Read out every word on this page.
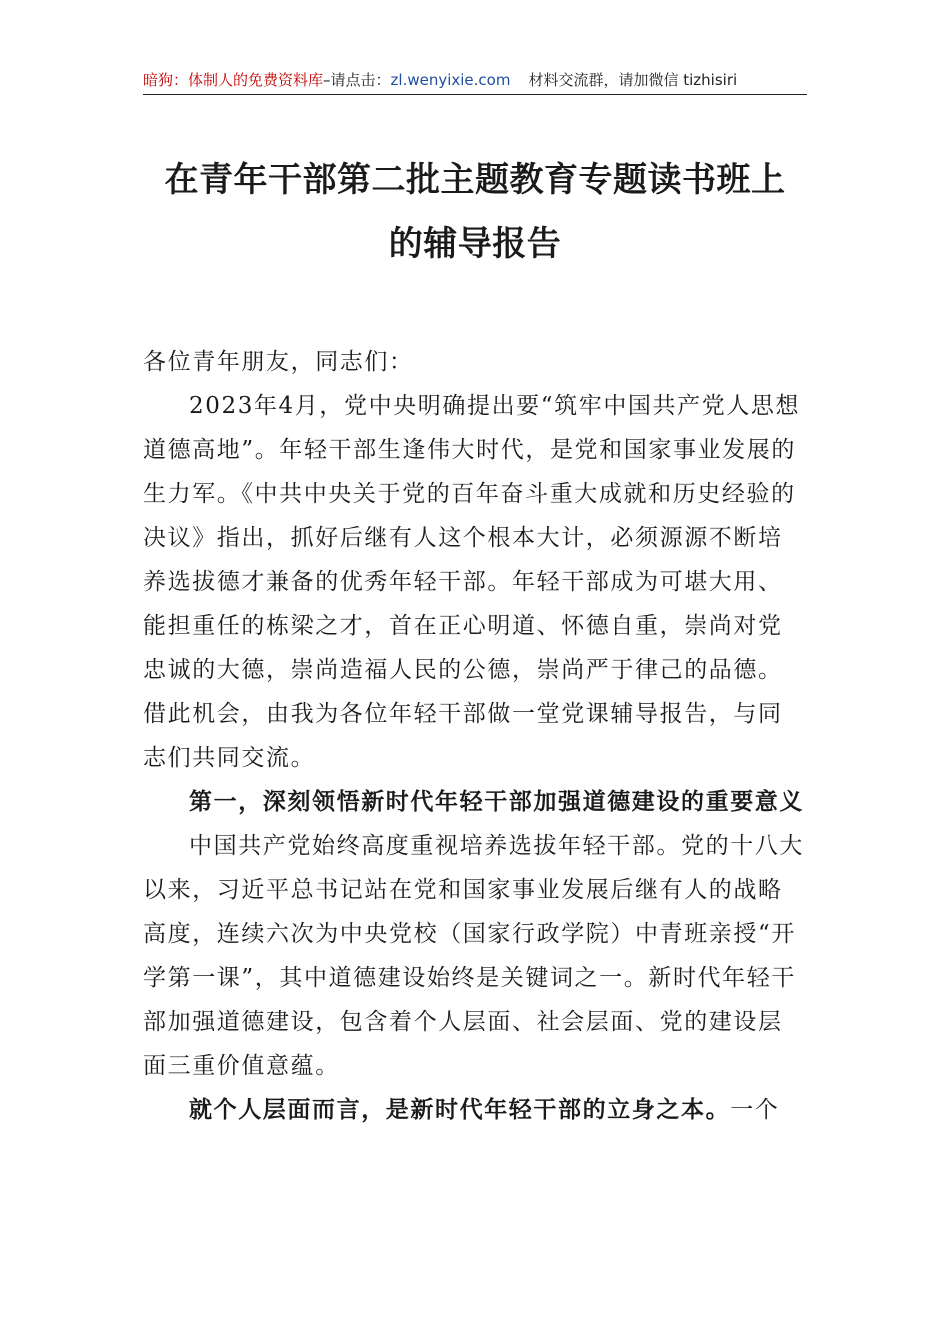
暗狗：体制人的免费资料库–请点击：zl.wenyixie.com 材料交流群，请加微信 tizhisiri
在青年干部第二批主题教育专题读书班上
的辅导报告

各位青年朋友，同志们：

2023年4月，党中央明确提出要“筑牢中国共产党人思想道德高地”。年轻干部生逢伟大时代，是党和国家事业发展的生力军。《中共中央关于党的百年奋斗重大成就和历史经验的决议》指出，抓好后继有人这个根本大计，必须源源不断培养选拔德才兼备的优秀年轻干部。年轻干部成为可堪大用、能担重任的栋梁之才，首在正心明道、怀德自重，崇尚对党忠诚的大德，崇尚造福人民的公德，崇尚严于律己的品德。借此机会，由我为各位年轻干部做一堂党课辅导报告，与同志们共同交流。

第一，深刻领悟新时代年轻干部加强道德建设的重要意义

中国共产党始终高度重视培养选拔年轻干部。党的十八大以来，习近平总书记站在党和国家事业发展后继有人的战略高度，连续六次为中央党校（国家行政学院）中青班亲授“开学第一课”，其中道德建设始终是关键词之一。新时代年轻干部加强道德建设，包含着个人层面、社会层面、党的建设层面三重价值意蕴。

就个人层面而言，是新时代年轻干部的立身之本。一个
